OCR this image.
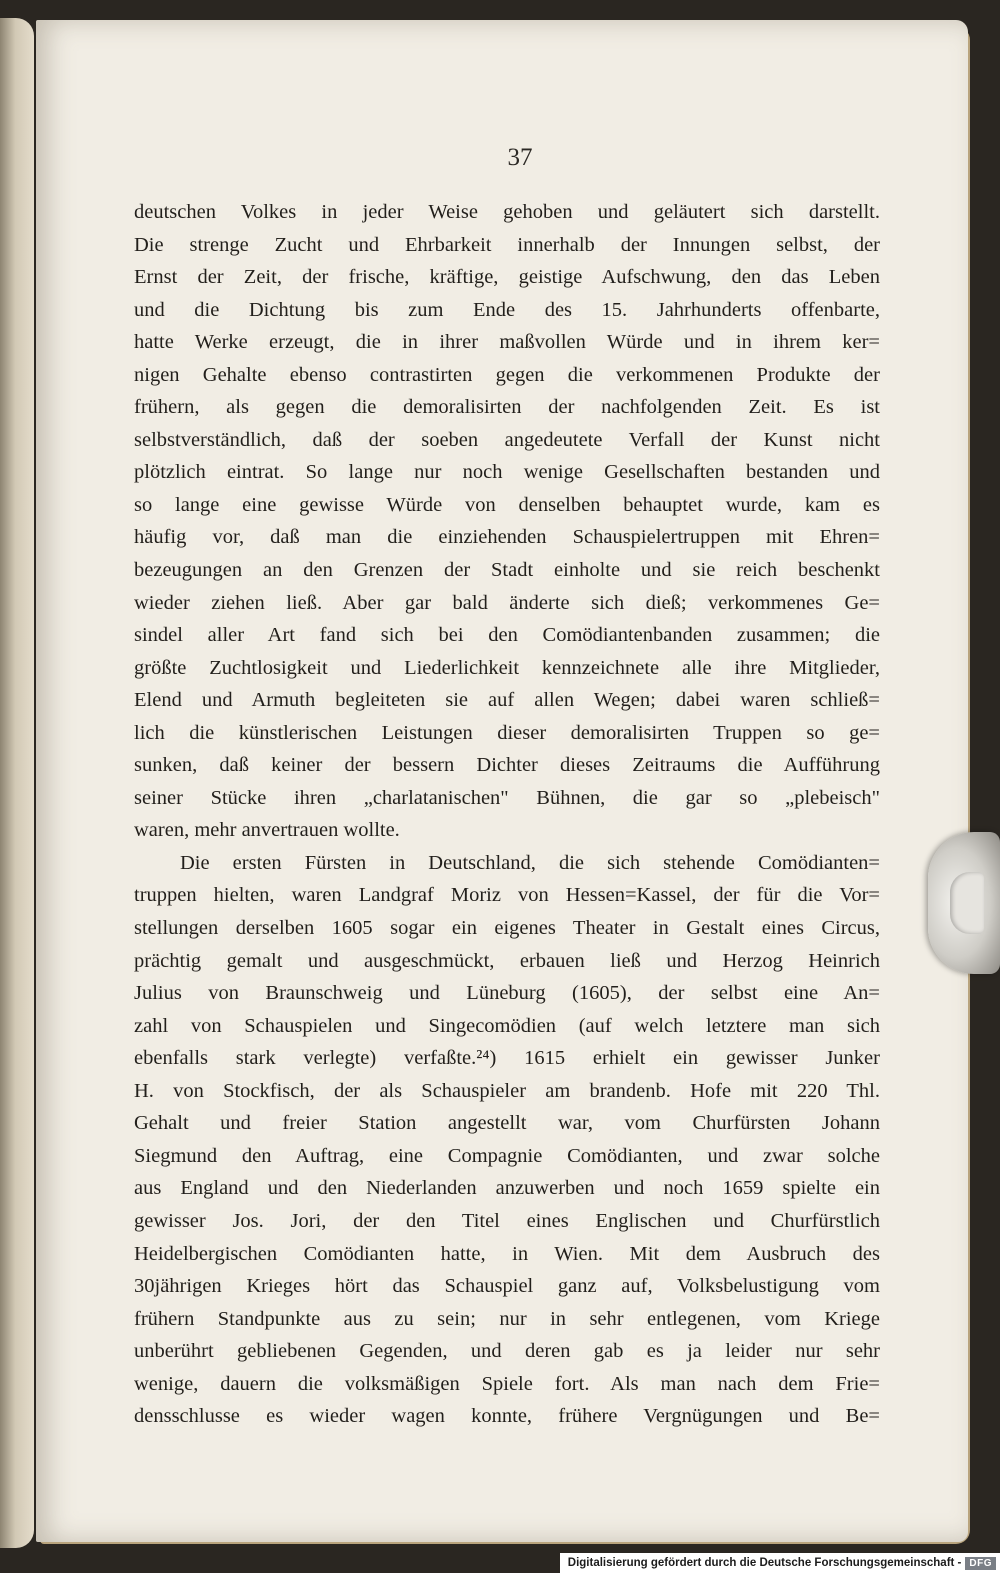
37
deutschen Volkes in jeder Weise gehoben und geläutert sich darstellt.
Die strenge Zucht und Ehrbarkeit innerhalb der Innungen selbst, der
Ernst der Zeit, der frische, kräftige, geistige Aufschwung, den das Leben
und die Dichtung bis zum Ende des 15. Jahrhunderts offenbarte,
hatte Werke erzeugt, die in ihrer maßvollen Würde und in ihrem ker=
nigen Gehalte ebenso contrastirten gegen die verkommenen Produkte der
frühern, als gegen die demoralisirten der nachfolgenden Zeit. Es ist
selbstverständlich, daß der soeben angedeutete Verfall der Kunst nicht
plötzlich eintrat. So lange nur noch wenige Gesellschaften bestanden und
so lange eine gewisse Würde von denselben behauptet wurde, kam es
häufig vor, daß man die einziehenden Schauspielertruppen mit Ehren=
bezeugungen an den Grenzen der Stadt einholte und sie reich beschenkt
wieder ziehen ließ. Aber gar bald änderte sich dieß; verkommenes Ge=
sindel aller Art fand sich bei den Comödiantenbanden zusammen; die
größte Zuchtlosigkeit und Liederlichkeit kennzeichnete alle ihre Mitglieder,
Elend und Armuth begleiteten sie auf allen Wegen; dabei waren schließ=
lich die künstlerischen Leistungen dieser demoralisirten Truppen so ge=
sunken, daß keiner der bessern Dichter dieses Zeitraums die Aufführung
seiner Stücke ihren „charlatanischen" Bühnen, die gar so „plebeisch"
waren, mehr anvertrauen wollte.
Die ersten Fürsten in Deutschland, die sich stehende Comödianten=
truppen hielten, waren Landgraf Moriz von Hessen=Kassel, der für die Vor=
stellungen derselben 1605 sogar ein eigenes Theater in Gestalt eines Circus,
prächtig gemalt und ausgeschmückt, erbauen ließ und Herzog Heinrich
Julius von Braunschweig und Lüneburg (1605), der selbst eine An=
zahl von Schauspielen und Singecomödien (auf welch letztere man sich
ebenfalls stark verlegte) verfaßte.²⁴) 1615 erhielt ein gewisser Junker
H. von Stockfisch, der als Schauspieler am brandenb. Hofe mit 220 Thl.
Gehalt und freier Station angestellt war, vom Churfürsten Johann
Siegmund den Auftrag, eine Compagnie Comödianten, und zwar solche
aus England und den Niederlanden anzuwerben und noch 1659 spielte ein
gewisser Jos. Jori, der den Titel eines Englischen und Churfürstlich
Heidelbergischen Comödianten hatte, in Wien. Mit dem Ausbruch des
30jährigen Krieges hört das Schauspiel ganz auf, Volksbelustigung vom
frühern Standpunkte aus zu sein; nur in sehr entlegenen, vom Kriege
unberührt gebliebenen Gegenden, und deren gab es ja leider nur sehr
wenige, dauern die volksmäßigen Spiele fort. Als man nach dem Frie=
densschlusse es wieder wagen konnte, frühere Vergnügungen und Be=
Digitalisierung gefördert durch die Deutsche Forschungsgemeinschaft - DFG
